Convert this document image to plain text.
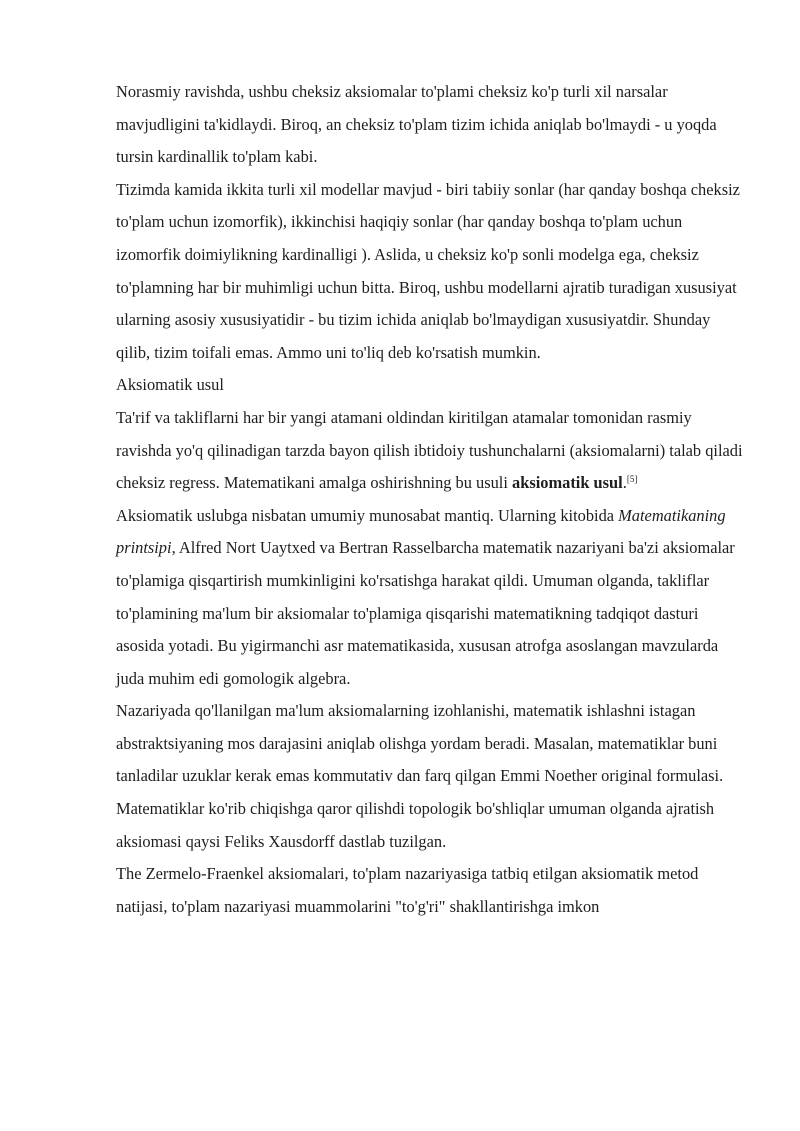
Norasmiy ravishda, ushbu cheksiz aksiomalar to'plami cheksiz ko'p turli xil narsalar mavjudligini ta'kidlaydi. Biroq, an cheksiz to'plam tizim ichida aniqlab bo'lmaydi - u yoqda tursin kardinallik to'plam kabi.

Tizimda kamida ikkita turli xil modellar mavjud - biri tabiiy sonlar (har qanday boshqa cheksiz to'plam uchun izomorfik), ikkinchisi haqiqiy sonlar (har qanday boshqa to'plam uchun izomorfik doimiylikning kardinalligi ). Aslida, u cheksiz ko'p sonli modelga ega, cheksiz to'plamning har bir muhimligi uchun bitta. Biroq, ushbu modellarni ajratib turadigan xususiyat ularning asosiy xususiyatidir - bu tizim ichida aniqlab bo'lmaydigan xususiyatdir. Shunday qilib, tizim toifali emas. Ammo uni to'liq deb ko'rsatish mumkin.

Aksiomatik usul

Ta'rif va takliflarni har bir yangi atamani oldindan kiritilgan atamalar tomonidan rasmiy ravishda yo'q qilinadigan tarzda bayon qilish ibtidoiy tushunchalarni (aksiomalarni) talab qiladi cheksiz regress. Matematikani amalga oshirishning bu usuli aksiomatik usul.[5]

Aksiomatik uslubga nisbatan umumiy munosabat mantiq. Ularning kitobida Matematikaning printsipi, Alfred Nort Uaytxed va Bertran Rasselbarcha matematik nazariyani ba'zi aksiomalar to'plamiga qisqartirish mumkinligini ko'rsatishga harakat qildi. Umuman olganda, takliflar to'plamining ma'lum bir aksiomalar to'plamiga qisqarishi matematikning tadqiqot dasturi asosida yotadi. Bu yigirmanchi asr matematikasida, xususan atrofga asoslangan mavzularda juda muhim edi gomologik algebra.

Nazariyada qo'llanilgan ma'lum aksiomalarning izohlanishi, matematik ishlashni istagan abstraktsiyaning mos darajasini aniqlab olishga yordam beradi. Masalan, matematiklar buni tanladilar uzuklar kerak emas kommutativ dan farq qilgan Emmi Noether original formulasi. Matematiklar ko'rib chiqishga qaror qilishdi topologik bo'shliqlar umuman olganda ajratish aksiomasi qaysi Feliks Xausdorff dastlab tuzilgan.

The Zermelo-Fraenkel aksiomalari, to'plam nazariyasiga tatbiq etilgan aksiomatik metod natijasi, to'plam nazariyasi muammolarini "to'g'ri" shakllantirishga imkon
